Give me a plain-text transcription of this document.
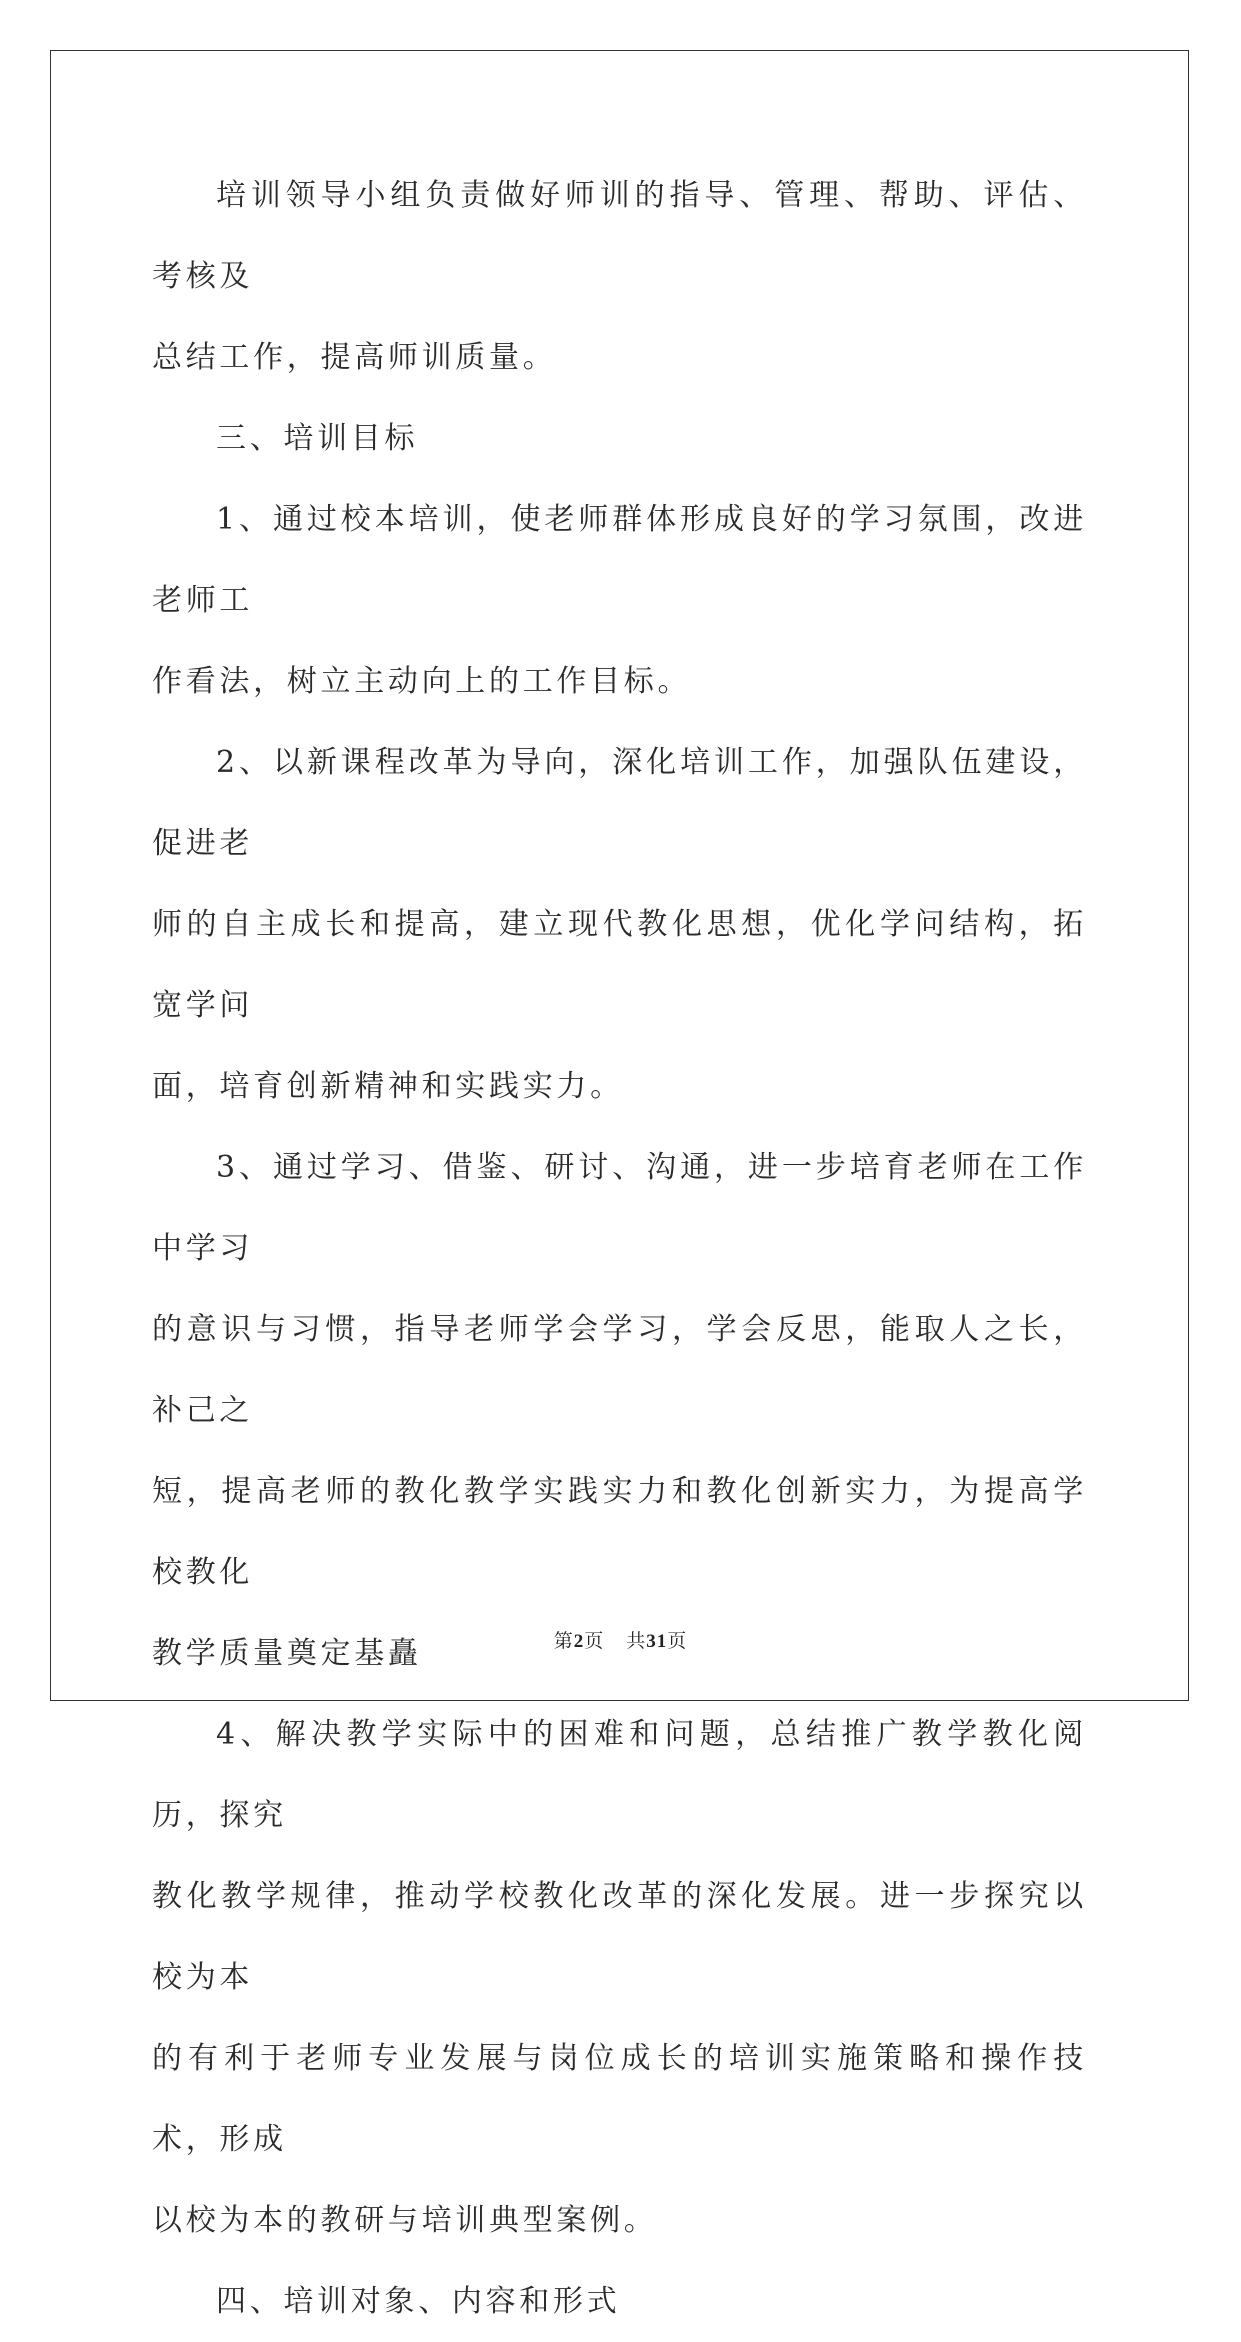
培训领导小组负责做好师训的指导、管理、帮助、评估、考核及
总结工作，提高师训质量。

三、培训目标

1、通过校本培训，使老师群体形成良好的学习氛围，改进老师工
作看法，树立主动向上的工作目标。

2、以新课程改革为导向，深化培训工作，加强队伍建设，促进老
师的自主成长和提高，建立现代教化思想，优化学问结构，拓宽学问
面，培育创新精神和实践实力。

3、通过学习、借鉴、研讨、沟通，进一步培育老师在工作中学习
的意识与习惯，指导老师学会学习，学会反思，能取人之长，补己之
短，提高老师的教化教学实践实力和教化创新实力，为提高学校教化
教学质量奠定基矗

4、解决教学实际中的困难和问题，总结推广教学教化阅历，探究
教化教学规律，推动学校教化改革的深化发展。进一步探究以校为本
的有利于老师专业发展与岗位成长的培训实施策略和操作技术，形成
以校为本的教研与培训典型案例。

四、培训对象、内容和形式

第2页 共31页
